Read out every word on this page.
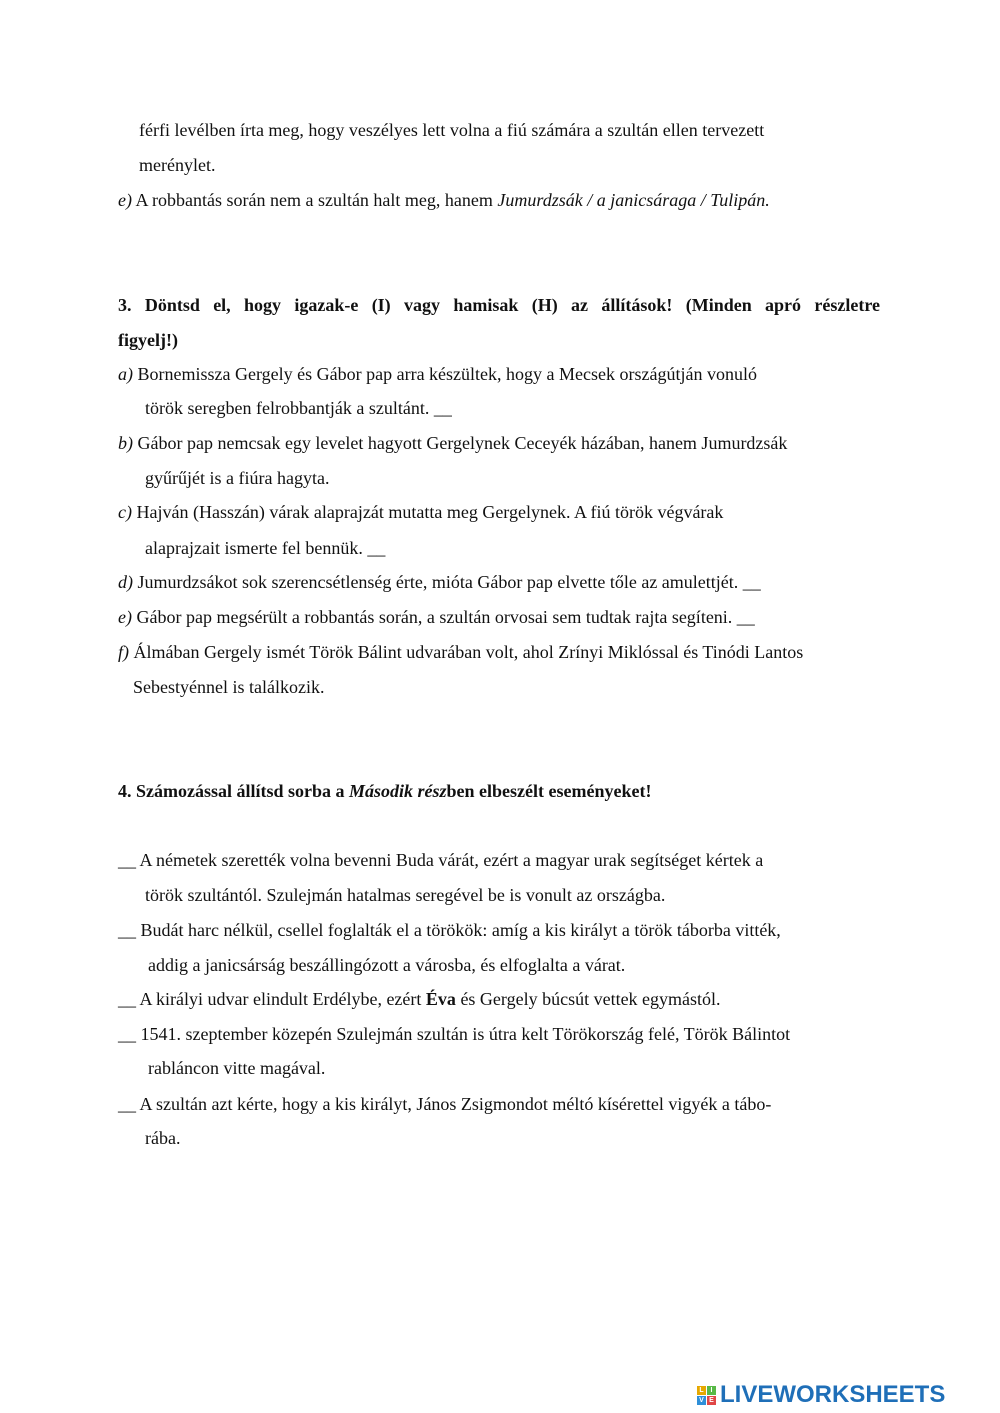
férfi levélben írta meg, hogy veszélyes lett volna a fiú számára a szultán ellen tervezett
merénylet.
e) A robbantás során nem a szultán halt meg, hanem Jumurdzsák / a janicsáraga / Tulipán.
3. Döntsd el, hogy igazak-e (I) vagy hamisak (H) az állítások! (Minden apró részletre
figyelj!)
a) Bornemissza Gergely és Gábor pap arra készültek, hogy a Mecsek országútján vonuló
török seregben felrobbantják a szultánt. __
b) Gábor pap nemcsak egy levelet hagyott Gergelynek Ceceyék házában, hanem Jumurdzsák
gyűrűjét is a fiúra hagyta.
c) Hajván (Hasszán) várak alaprajzát mutatta meg Gergelynek. A fiú török végvárak
alaprajzait ismerte fel bennük. __
d) Jumurdzsákot sok szerencsétlenség érte, mióta Gábor pap elvette tőle az amulettjét. __
e) Gábor pap megsérült a robbantás során, a szultán orvosai sem tudtak rajta segíteni. __
f) Álmában Gergely ismét Török Bálint udvarában volt, ahol Zrínyi Miklóssal és Tinódi Lantos
Sebestyénnel is találkozik.
4. Számozással állítsd sorba a Második részben elbeszélt eseményeket!
__ A németek szerették volna bevenni Buda várát, ezért a magyar urak segítséget kértek a
török szultántól. Szulejmán hatalmas seregével be is vonult az országba.
__ Budát harc nélkül, csellel foglalták el a törökök: amíg a kis királyt a török táborba vitték,
addig a janicsárság beszállingózott a városba, és elfoglalta a várat.
__ A királyi udvar elindult Erdélybe, ezért Éva és Gergely búcsút vettek egymástól.
__ 1541. szeptember közepén Szulejmán szultán is útra kelt Törökország felé, Török Bálintot
rabláncon vitte magával.
__ A szultán azt kérte, hogy a kis királyt, János Zsigmondot méltó kísérettel vigyék a tábo-
rába.
L I
V E LIVEWORKSHEETS
